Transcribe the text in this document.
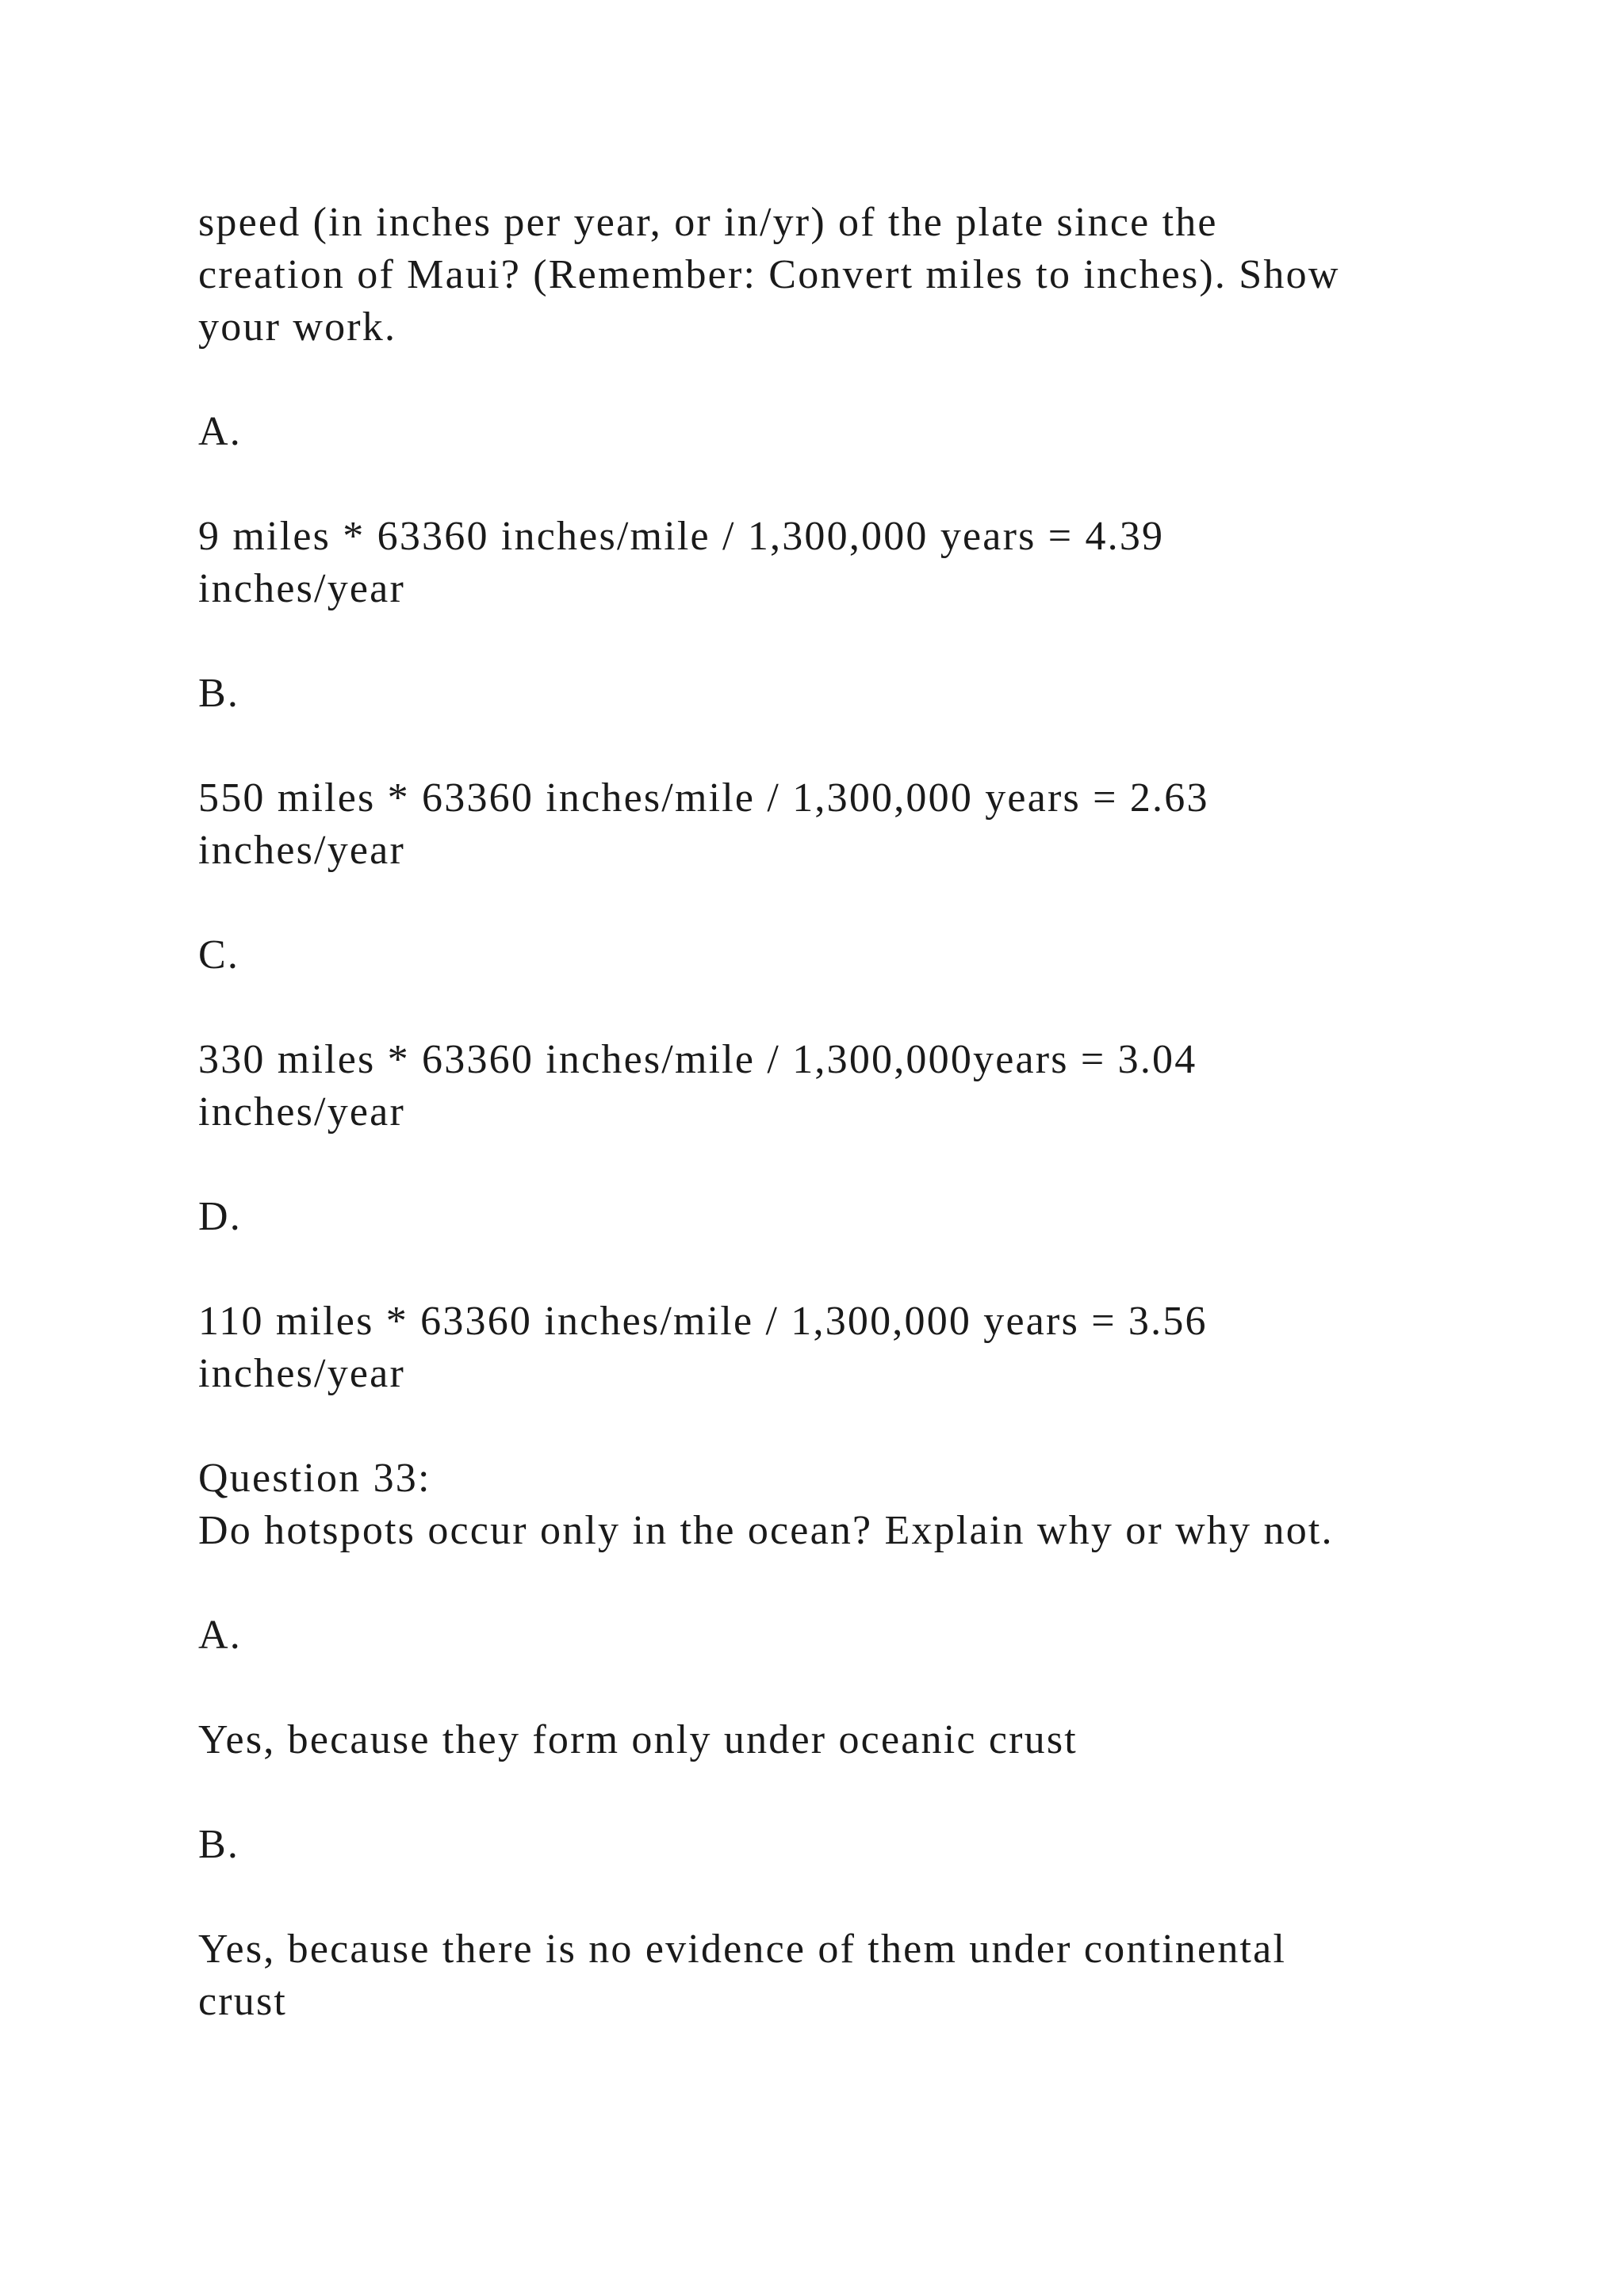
speed (in inches per year, or in/yr) of the plate since the
creation of Maui? (Remember: Convert miles to inches). Show
your work.

A.

9 miles * 63360 inches/mile / 1,300,000 years = 4.39
inches/year

B.

550 miles * 63360 inches/mile / 1,300,000 years = 2.63
inches/year

C.

330 miles * 63360 inches/mile / 1,300,000years = 3.04
inches/year

D.

110 miles * 63360 inches/mile / 1,300,000 years = 3.56
inches/year

Question 33:

Do hotspots occur only in the ocean? Explain why or why not.

A.

Yes, because they form only under oceanic crust

B.

Yes, because there is no evidence of them under continental
crust
